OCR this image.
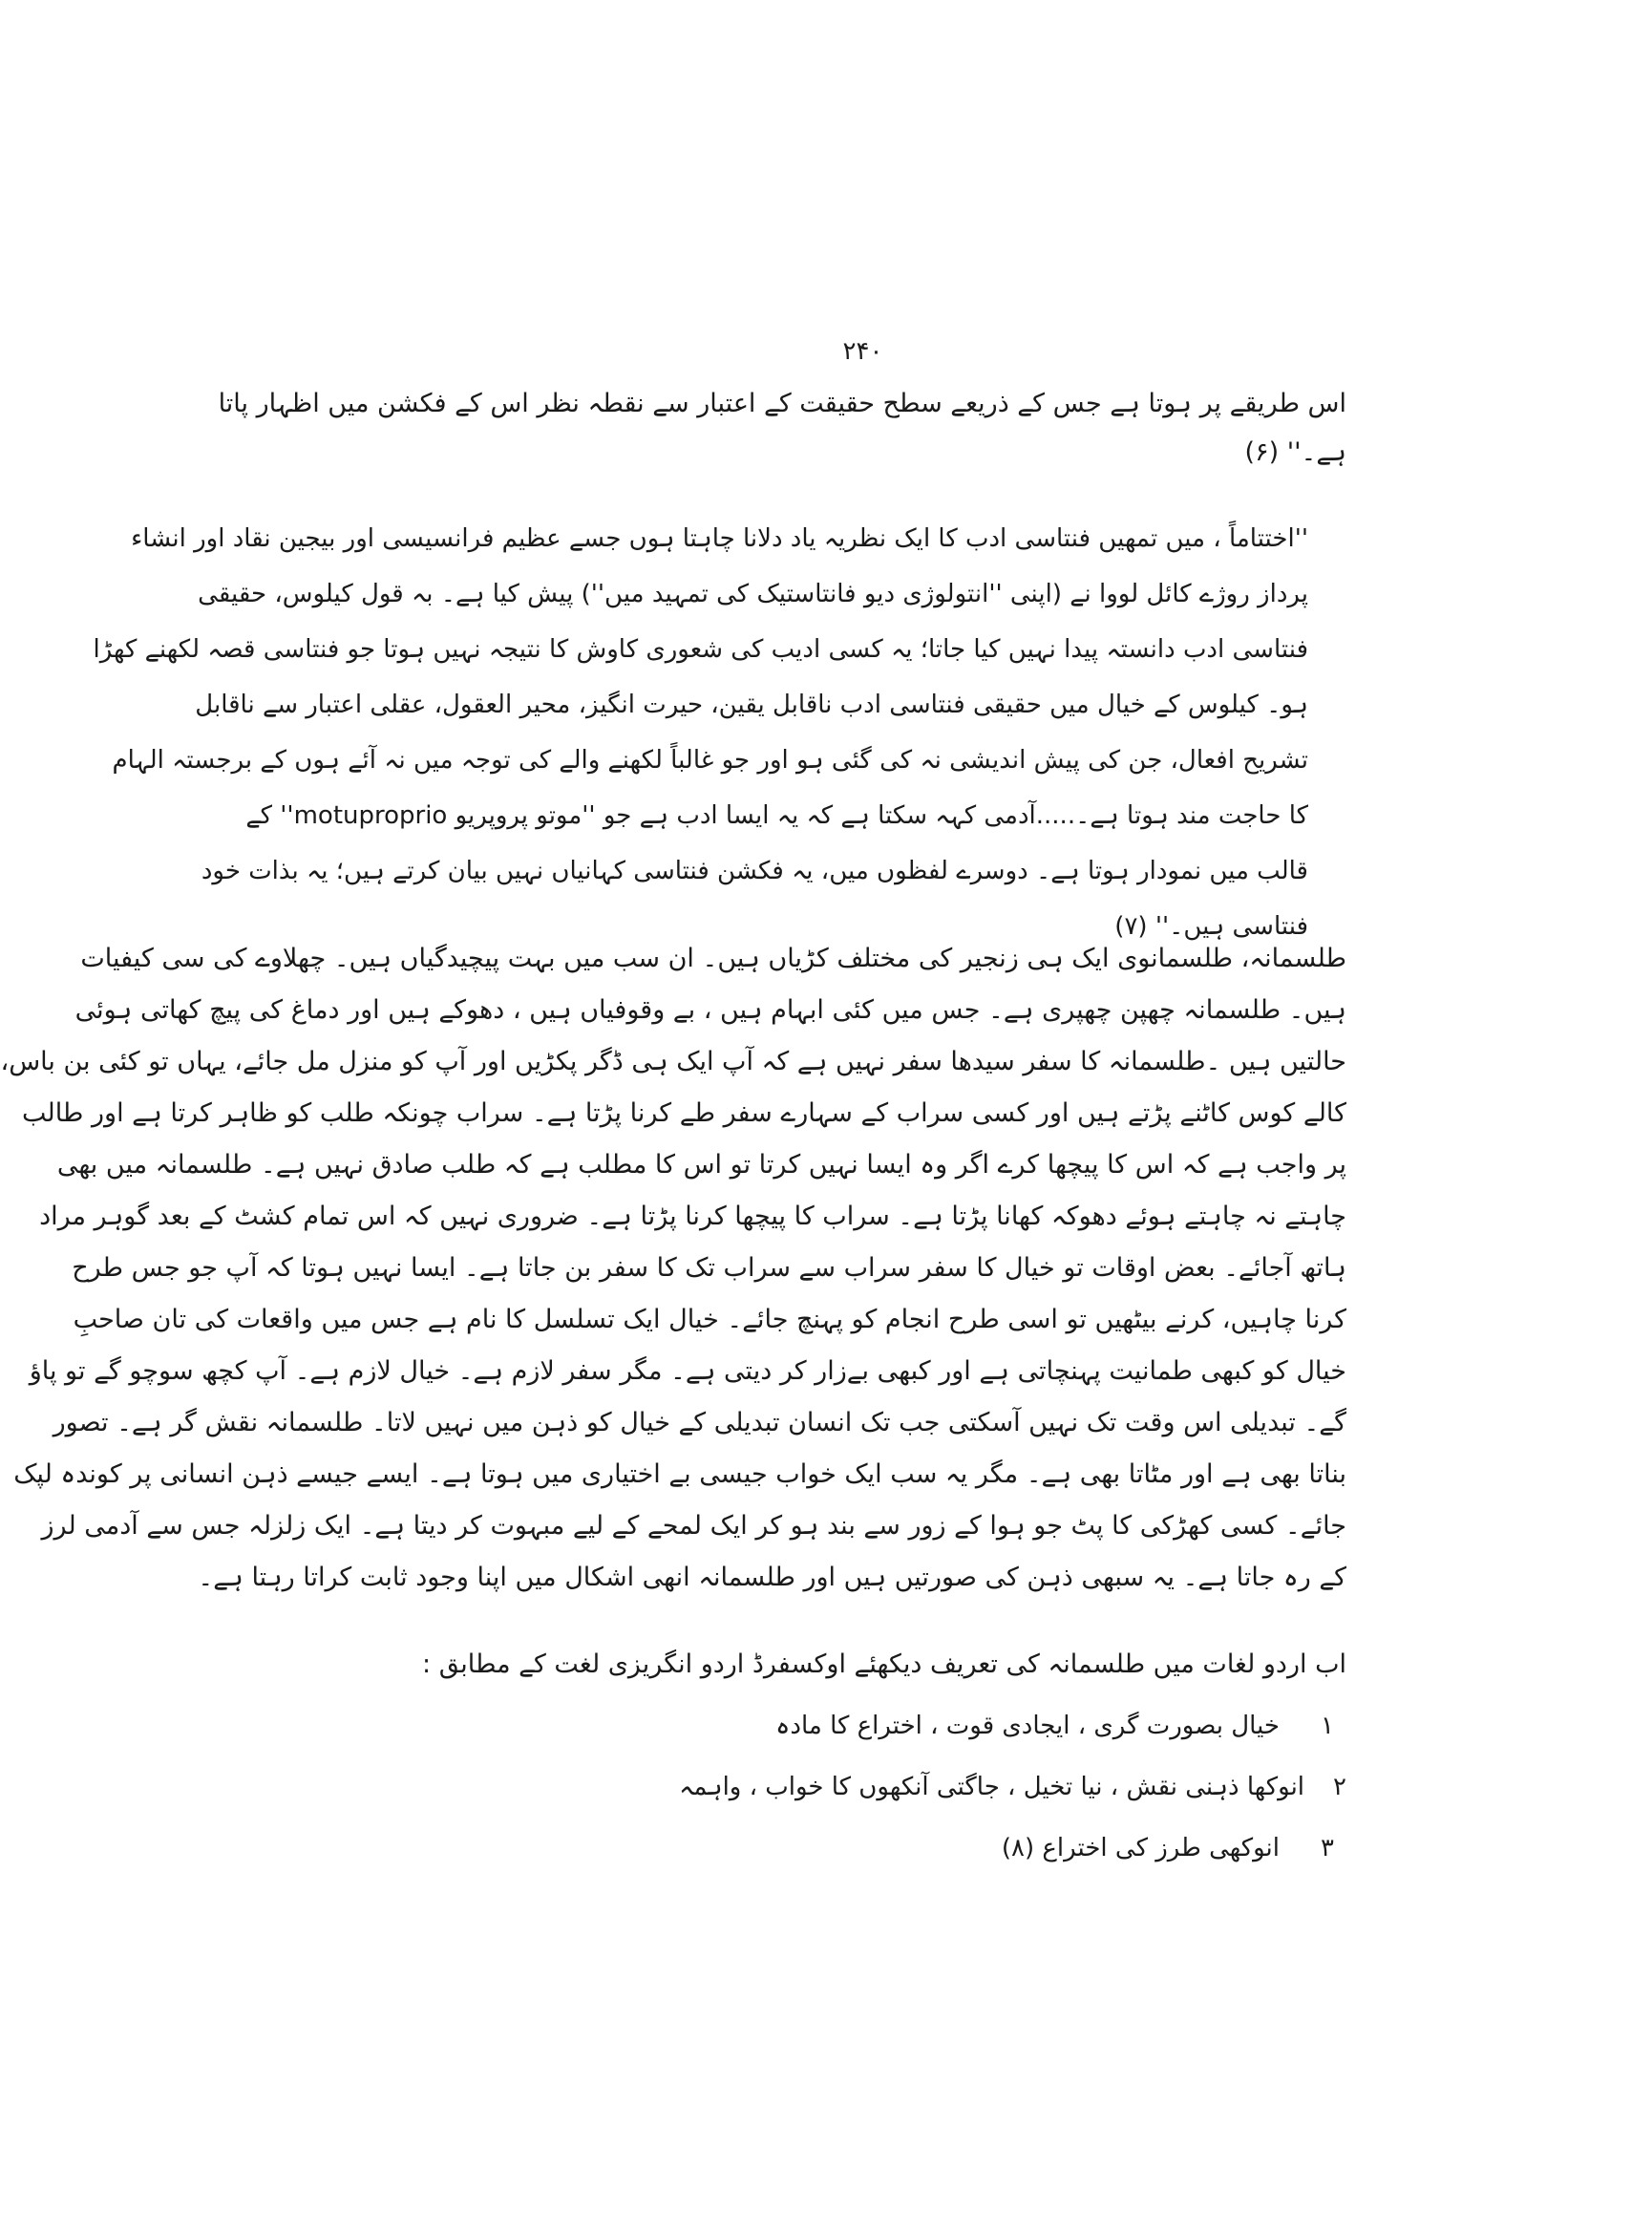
۲۴۰
اس طریقے پر ہوتا ہے جس کے ذریعے سطح حقیقت کے اعتبار سے نقطہ نظر اس کے فکشن میں اظہار پاتا
ہے۔'' (۶)
''اختتاماً ، میں تمھیں فنتاسی ادب کا ایک نظریہ یاد دلانا چاہتا ہوں جسے عظیم فرانسیسی اور بیجین نقاد اور انشاء
پرداز روژے کائل لووا نے (اپنی ''انتولوژی دیو فانتاستیک کی تمہید میں'') پیش کیا ہے۔ بہ قول کیلوس، حقیقی
فنتاسی ادب دانستہ پیدا نہیں کیا جاتا؛ یہ کسی ادیب کی شعوری کاوش کا نتیجہ نہیں ہوتا جو فنتاسی قصہ لکھنے کھڑا
ہو۔ کیلوس کے خیال میں حقیقی فنتاسی ادب ناقابل یقین، حیرت انگیز، محیر العقول، عقلی اعتبار سے ناقابل
تشریح افعال، جن کی پیش اندیشی نہ کی گئی ہو اور جو غالباً لکھنے والے کی توجہ میں نہ آئے ہوں کے برجستہ الہام
کا حاجت مند ہوتا ہے۔.....آدمی کہہ سکتا ہے کہ یہ ایسا ادب ہے جو ''موتو پروپریو motuproprio'' کے
قالب میں نمودار ہوتا ہے۔ دوسرے لفظوں میں، یہ فکشن فنتاسی کہانیاں نہیں بیان کرتے ہیں؛ یہ بذات خود
فنتاسی ہیں۔'' (۷)
طلسمانہ، طلسمانوی ایک ہی زنجیر کی مختلف کڑیاں ہیں۔ ان سب میں بہت پیچیدگیاں ہیں۔ چھلاوے کی سی کیفیات
ہیں۔ طلسمانہ چھپن چھپری ہے۔ جس میں کئی ابہام ہیں ، بے وقوفیاں ہیں ، دھوکے ہیں اور دماغ کی پیچ کھاتی ہوئی
حالتیں ہیں ۔طلسمانہ کا سفر سیدھا سفر نہیں ہے کہ آپ ایک ہی ڈگر پکڑیں اور آپ کو منزل مل جائے، یہاں تو کئی بن باس،
کالے کوس کاٹنے پڑتے ہیں اور کسی سراب کے سہارے سفر طے کرنا پڑتا ہے۔ سراب چونکہ طلب کو ظاہر کرتا ہے اور طالب
پر واجب ہے کہ اس کا پیچھا کرے اگر وہ ایسا نہیں کرتا تو اس کا مطلب ہے کہ طلب صادق نہیں ہے۔ طلسمانہ میں بھی
چاہتے نہ چاہتے ہوئے دھوکہ کھانا پڑتا ہے۔ سراب کا پیچھا کرنا پڑتا ہے۔ ضروری نہیں کہ اس تمام کشٹ کے بعد گوہر مراد
ہاتھ آجائے۔ بعض اوقات تو خیال کا سفر سراب سے سراب تک کا سفر بن جاتا ہے۔ ایسا نہیں ہوتا کہ آپ جو جس طرح
کرنا چاہیں، کرنے بیٹھیں تو اسی طرح انجام کو پہنچ جائے۔ خیال ایک تسلسل کا نام ہے جس میں واقعات کی تان صاحبِ
خیال کو کبھی طمانیت پہنچاتی ہے اور کبھی بےزار کر دیتی ہے۔ مگر سفر لازم ہے۔ خیال لازم ہے۔ آپ کچھ سوچو گے تو پاؤ
گے۔ تبدیلی اس وقت تک نہیں آسکتی جب تک انسان تبدیلی کے خیال کو ذہن میں نہیں لاتا۔ طلسمانہ نقش گر ہے۔ تصور
بناتا بھی ہے اور مٹاتا بھی ہے۔ مگر یہ سب ایک خواب جیسی بے اختیاری میں ہوتا ہے۔ ایسے جیسے ذہن انسانی پر کوندہ لپک
جائے۔ کسی کھڑکی کا پٹ جو ہوا کے زور سے بند ہو کر ایک لمحے کے لیے مبہوت کر دیتا ہے۔ ایک زلزلہ جس سے آدمی لرز
کے رہ جاتا ہے۔ یہ سبھی ذہن کی صورتیں ہیں اور طلسمانہ انھی اشکال میں اپنا وجود ثابت کراتا رہتا ہے۔
اب اردو لغات میں طلسمانہ کی تعریف دیکھئے اوکسفرڈ اردو انگریزی لغت کے مطابق :
۱
خیال بصورت گری ، ایجادی قوت ، اختراع کا مادہ
۲
انوکھا ذہنی نقش ، نیا تخیل ، جاگتی آنکھوں کا خواب ، واہمہ
۳
انوکھی طرز کی اختراع (۸)
